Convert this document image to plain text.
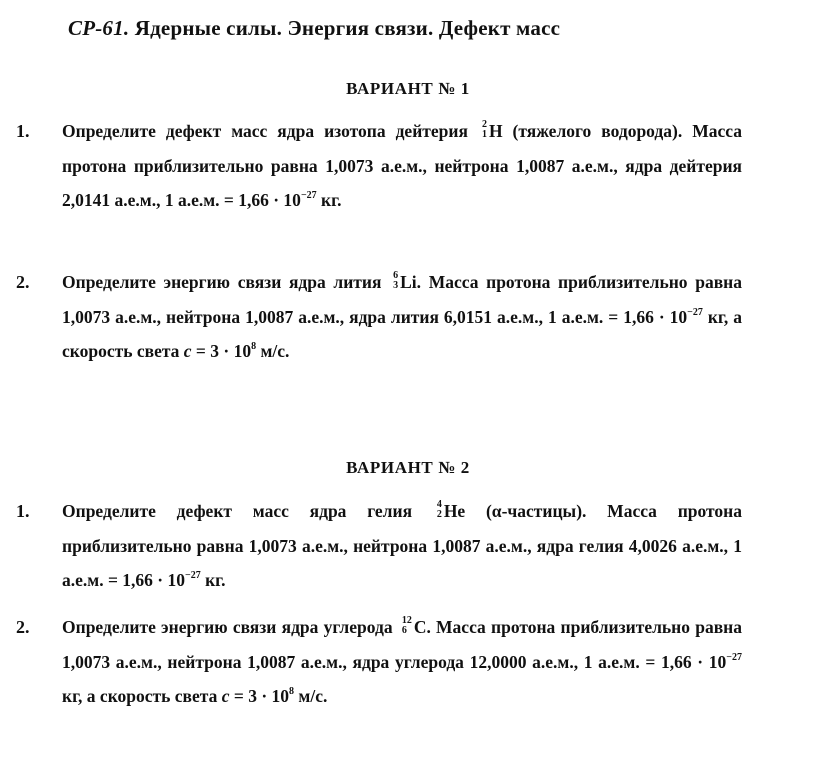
СР-61. Ядерные силы. Энергия связи. Дефект масс
ВАРИАНТ № 1
1. Определите дефект масс ядра изотопа дейтерия 2
1 H (тяжелого водорода). Масса протона приблизительно равна 1,0073 а.е.м., нейтрона 1,0087 а.е.м., ядра дейтерия 2,0141 а.е.м., 1 а.е.м. = $1,66 \cdot 10^{-27}$ кг.
2. Определите энергию связи ядра лития 6
3 Li. Масса протона приблизительно равна 1,0073 а.е.м., нейтрона 1,0087 а.е.м., ядра лития 6,0151 а.е.м., 1 а.е.м. = $1,66 \cdot 10^{-27}$ кг, а скорость света $c = 3 \cdot 10^8$ м/с.
ВАРИАНТ № 2
1. Определите дефект масс ядра гелия 4
2 He (α-частицы). Масса протона приблизительно равна 1,0073 а.е.м., нейтрона 1,0087 а.е.м., ядра гелия 4,0026 а.е.м., 1 а.е.м. = $1,66 \cdot 10^{-27}$ кг.
2. Определите энергию связи ядра углерода 12
6 C. Масса протона приблизительно равна 1,0073 а.е.м., нейтрона 1,0087 а.е.м., ядра углерода 12,0000 а.е.м., 1 а.е.м. = $1,66 \cdot 10^{-27}$ кг, а скорость света $c = 3 \cdot 10^8$ м/с.
